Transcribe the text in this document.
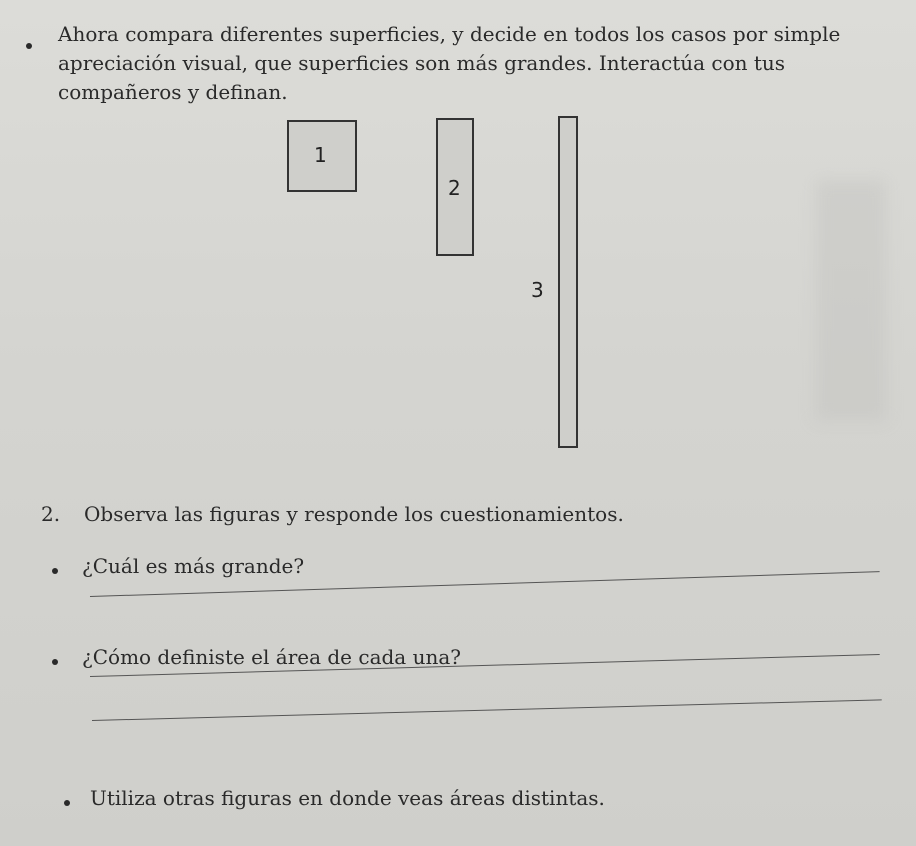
Ahora compara diferentes superficies, y decide en todos los casos por simple apreciación visual, que superficies son más grandes. Interactúa con tus compañeros y definan.
1
2
3
2. Observa las figuras y responde los cuestionamientos.
¿Cuál es más grande?
¿Cómo definiste el área de cada una?
Utiliza otras figuras en donde veas áreas distintas.
